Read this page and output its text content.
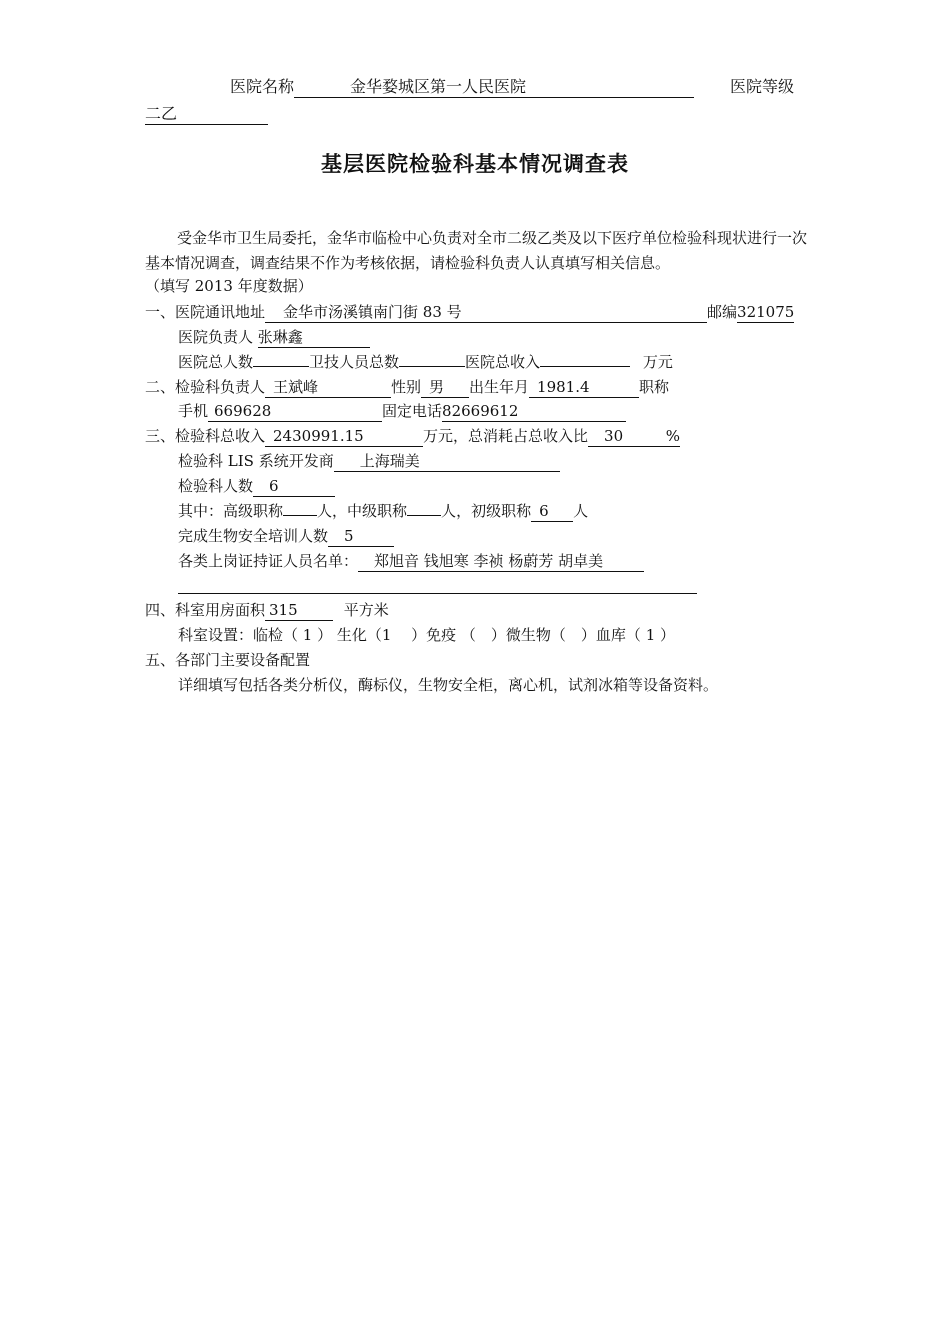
医院名称	金华婺城区第一人民医院	医院等级
二乙
基层医院检验科基本情况调查表
受金华市卫生局委托，金华市临检中心负责对全市二级乙类及以下医疗单位检验科现状进行一次基本情况调查，调查结果不作为考核依据，请检验科负责人认真填写相关信息。
（填写 2013 年度数据）
一、医院通讯地址 金华市汤溪镇南门街 83 号	邮编321075
医院负责人 张琳鑫
医院总人数	卫技人员总数	医院总收入	万元
二、检验科负责人 王斌峰	性别 男 出生年月 1981.4	职称
手机 669628	固定电话82669612
三、检验科总收入 2430991.15	万元，总消耗占总收入比 30	%
检验科 LIS 系统开发商 上海瑞美
检验科人数 6
其中：高级职称 人，中级职称 人，初级职称 6 人
完成生物安全培训人数 5
各类上岗证持证人员名单： 郑旭音 钱旭寒 李祯 杨蔚芳 胡卓美
四、科室用房面积 315	平方米
科室设置：临检（ 1 ） 生化（1　 ）免疫 （　）微生物（　）血库（ 1 ）
五、各部门主要设备配置
详细填写包括各类分析仪，酶标仪，生物安全柜，离心机，试剂冰箱等设备资料。
